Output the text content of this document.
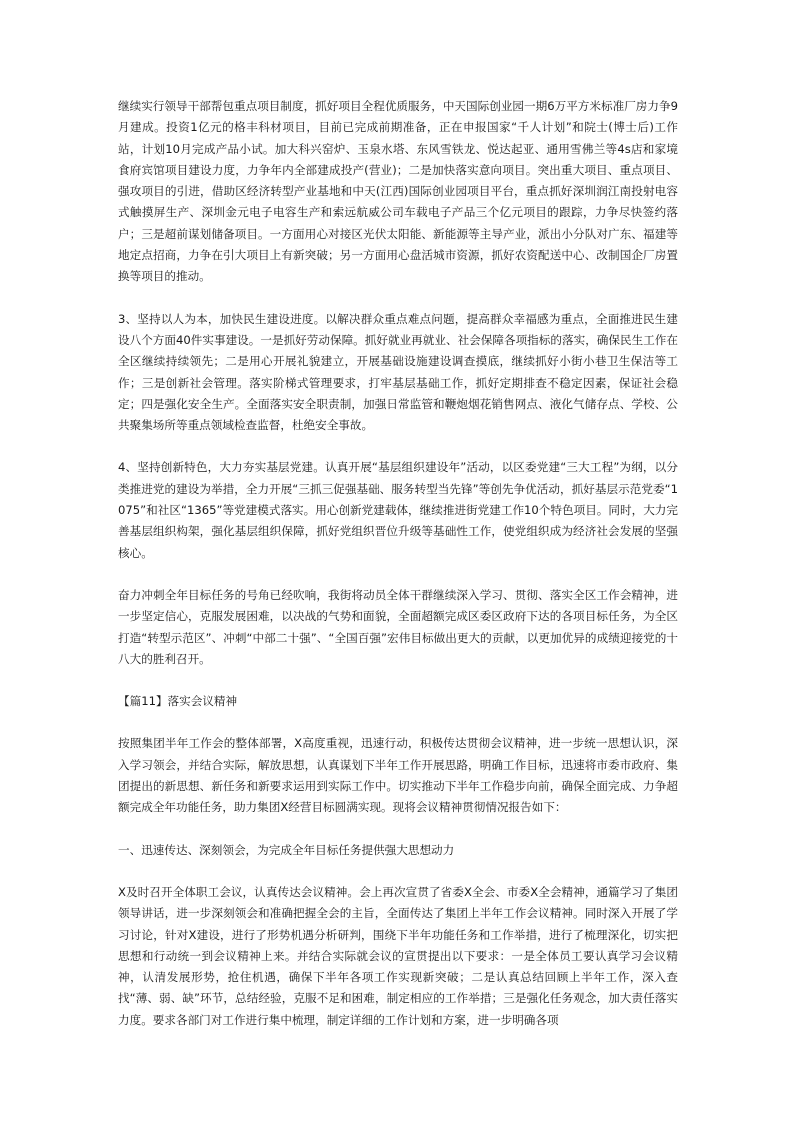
继续实行领导干部帮包重点项目制度，抓好项目全程优质服务，中天国际创业园一期6万平方米标准厂房力争9月建成。投资1亿元的格丰科材项目，目前已完成前期准备，正在申报国家“千人计划”和院士(博士后)工作站，计划10月完成产品小试。加大科兴窑炉、玉泉水塔、东风雪铁龙、悦达起亚、通用雪佛兰等4s店和家境食府宾馆项目建设力度，力争年内全部建成投产(营业)；二是加快落实意向项目。突出重大项目、重点项目、强攻项目的引进，借助区经济转型产业基地和中天(江西)国际创业园项目平台，重点抓好深圳润江南投射电容式触摸屏生产、深圳金元电子电容生产和索远航威公司车载电子产品三个亿元项目的跟踪，力争尽快签约落户；三是超前谋划储备项目。一方面用心对接区光伏太阳能、新能源等主导产业，派出小分队对广东、福建等地定点招商，力争在引大项目上有新突破；另一方面用心盘活城市资源，抓好农资配送中心、改制国企厂房置换等项目的推动。

3、坚持以人为本，加快民生建设进度。以解决群众重点难点问题，提高群众幸福感为重点，全面推进民生建设八个方面40件实事建设。一是抓好劳动保障。抓好就业再就业、社会保障各项指标的落实，确保民生工作在全区继续持续领先；二是用心开展礼貌建立，开展基础设施建设调查摸底，继续抓好小街小巷卫生保洁等工作；三是创新社会管理。落实阶梯式管理要求，打牢基层基础工作，抓好定期排查不稳定因素，保证社会稳定；四是强化安全生产。全面落实安全职责制，加强日常监管和鞭炮烟花销售网点、液化气储存点、学校、公共聚集场所等重点领域检查监督，杜绝安全事故。

4、坚持创新特色，大力夯实基层党建。认真开展“基层组织建设年”活动，以区委党建“三大工程”为纲，以分类推进党的建设为举措，全力开展“三抓三促强基础、服务转型当先锋”等创先争优活动，抓好基层示范党委“1075”和社区“1365”等党建模式落实。用心创新党建载体，继续推进街党建工作10个特色项目。同时，大力完善基层组织构架，强化基层组织保障，抓好党组织晋位升级等基础性工作，使党组织成为经济社会发展的坚强核心。

奋力冲刺全年目标任务的号角已经吹响，我街将动员全体干群继续深入学习、贯彻、落实全区工作会精神，进一步坚定信心，克服发展困难，以决战的气势和面貌，全面超额完成区委区政府下达的各项目标任务，为全区打造“转型示范区”、冲刺“中部二十强”、“全国百强”宏伟目标做出更大的贡献，以更加优异的成绩迎接党的十八大的胜利召开。

【篇11】落实会议精神

按照集团半年工作会的整体部署，X高度重视，迅速行动，积极传达贯彻会议精神，进一步统一思想认识，深入学习领会，并结合实际，解放思想，认真谋划下半年工作开展思路，明确工作目标，迅速将市委市政府、集团提出的新思想、新任务和新要求运用到实际工作中。切实推动下半年工作稳步向前，确保全面完成、力争超额完成全年功能任务，助力集团X经营目标圆满实现。现将会议精神贯彻情况报告如下：

一、迅速传达、深刻领会，为完成全年目标任务提供强大思想动力

X及时召开全体职工会议，认真传达会议精神。会上再次宣贯了省委X全会、市委X全会精神，通篇学习了集团领导讲话，进一步深刻领会和准确把握全会的主旨，全面传达了集团上半年工作会议精神。同时深入开展了学习讨论，针对X建设，进行了形势机遇分析研判，围绕下半年功能任务和工作举措，进行了梳理深化，切实把思想和行动统一到会议精神上来。并结合实际就会议的宣贯提出以下要求：一是全体员工要认真学习会议精神，认清发展形势，抢住机遇，确保下半年各项工作实现新突破；二是认真总结回顾上半年工作，深入查找“薄、弱、缺”环节，总结经验，克服不足和困难，制定相应的工作举措；三是强化任务观念，加大责任落实力度。要求各部门对工作进行集中梳理，制定详细的工作计划和方案，进一步明确各项
